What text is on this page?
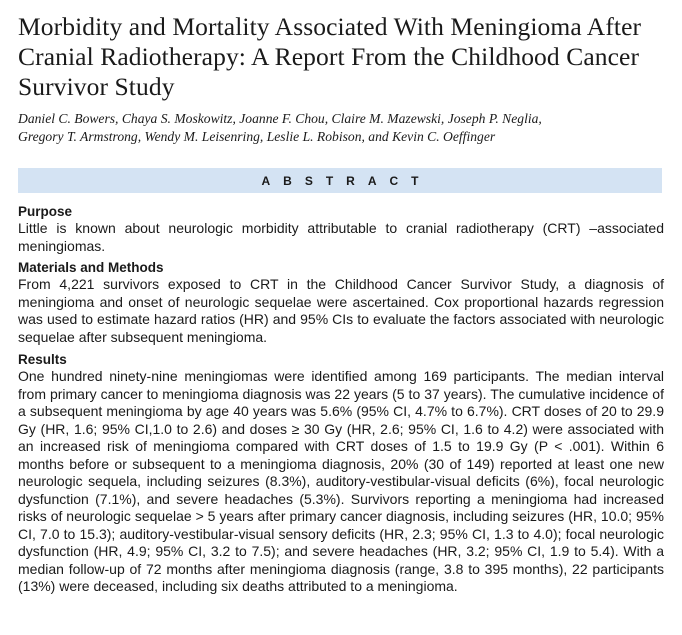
Morbidity and Mortality Associated With Meningioma After Cranial Radiotherapy: A Report From the Childhood Cancer Survivor Study
Daniel C. Bowers, Chaya S. Moskowitz, Joanne F. Chou, Claire M. Mazewski, Joseph P. Neglia,
Gregory T. Armstrong, Wendy M. Leisenring, Leslie L. Robison, and Kevin C. Oeffinger
ABSTRACT
Purpose
Little is known about neurologic morbidity attributable to cranial radiotherapy (CRT) –associated meningiomas.
Materials and Methods
From 4,221 survivors exposed to CRT in the Childhood Cancer Survivor Study, a diagnosis of meningioma and onset of neurologic sequelae were ascertained. Cox proportional hazards regression was used to estimate hazard ratios (HR) and 95% CIs to evaluate the factors associated with neurologic sequelae after subsequent meningioma.
Results
One hundred ninety-nine meningiomas were identified among 169 participants. The median interval from primary cancer to meningioma diagnosis was 22 years (5 to 37 years). The cumulative incidence of a subsequent meningioma by age 40 years was 5.6% (95% CI, 4.7% to 6.7%). CRT doses of 20 to 29.9 Gy (HR, 1.6; 95% CI,1.0 to 2.6) and doses ≥ 30 Gy (HR, 2.6; 95% CI, 1.6 to 4.2) were associated with an increased risk of meningioma compared with CRT doses of 1.5 to 19.9 Gy (P < .001). Within 6 months before or subsequent to a meningioma diagnosis, 20% (30 of 149) reported at least one new neurologic sequela, including seizures (8.3%), auditory-vestibular-visual deficits (6%), focal neurologic dysfunction (7.1%), and severe headaches (5.3%). Survivors reporting a meningioma had increased risks of neurologic sequelae > 5 years after primary cancer diagnosis, including seizures (HR, 10.0; 95% CI, 7.0 to 15.3); auditory-vestibular-visual sensory deficits (HR, 2.3; 95% CI, 1.3 to 4.0); focal neurologic dysfunction (HR, 4.9; 95% CI, 3.2 to 7.5); and severe headaches (HR, 3.2; 95% CI, 1.9 to 5.4). With a median follow-up of 72 months after meningioma diagnosis (range, 3.8 to 395 months), 22 participants (13%) were deceased, including six deaths attributed to a meningioma.
